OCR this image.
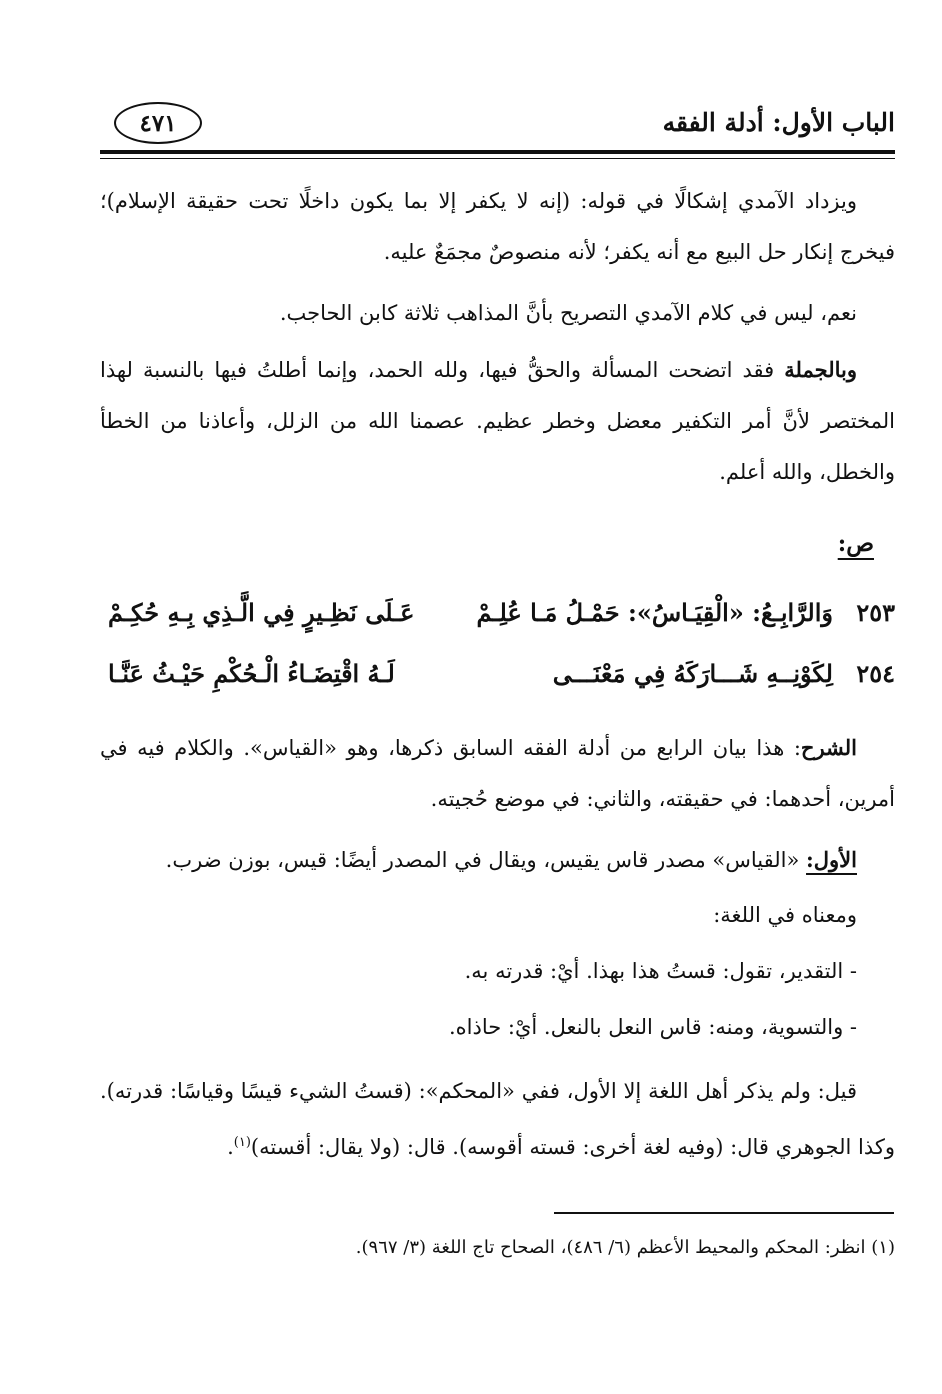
الباب الأول: أدلة الفقه
٤٧١
ويزداد الآمدي إشكالًا في قوله: (إنه لا يكفر إلا بما يكون داخلًا تحت حقيقة الإسلام)؛ فيخرج إنكار حل البيع مع أنه يكفر؛ لأنه منصوصٌ مجمَعٌ عليه.
نعم، ليس في كلام الآمدي التصريح بأنَّ المذاهب ثلاثة كابن الحاجب.
وبالجملة فقد اتضحت المسألة والحقُّ فيها، ولله الحمد، وإنما أطلتُ فيها بالنسبة لهذا المختصر لأنَّ أمر التكفير معضل وخطر عظيم. عصمنا الله من الزلل، وأعاذنا من الخطأ والخطل، والله أعلم.
ص:
٢٥٣
وَالرَّابِـعُ: «الْقِيَـاسُ»: حَمْـلُ مَـا عُلِـمْ
عَـلَى نَظِـيرٍ فِي الَّـذِي بِـهِ حُكِـمْ
٢٥٤
لِكَوْنِــهِ شَـــارَكَهُ فِي مَعْنَـــى
لَـهُ اقْتِضَـاءُ الْـحُكْمِ حَيْـثُ عَنَّـا
الشرح: هذا بيان الرابع من أدلة الفقه السابق ذكرها، وهو «القياس». والكلام فيه في أمرين، أحدهما: في حقيقته، والثاني: في موضع حُجيته.
الأول: «القياس» مصدر قاس يقيس، ويقال في المصدر أيضًا: قيس، بوزن ضرب.
ومعناه في اللغة:
- التقدير، تقول: قستُ هذا بهذا. أيْ: قدرته به.
- والتسوية، ومنه: قاس النعل بالنعل. أيْ: حاذاه.
قيل: ولم يذكر أهل اللغة إلا الأول، ففي «المحكم»: (قستُ الشيء قيسًا وقياسًا: قدرته). وكذا الجوهري قال: (وفيه لغة أخرى: قسته أقوسه). قال: (ولا يقال: أقسته)$^{(١)}$.
(١) انظر: المحكم والمحيط الأعظم (٦/ ٤٨٦)، الصحاح تاج اللغة (٣/ ٩٦٧).
